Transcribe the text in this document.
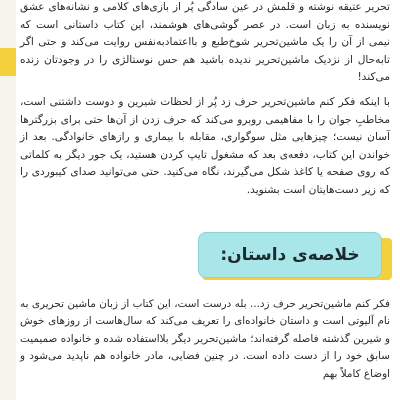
تحریر عتیقه نوشته و قلمش در عین سادگی پُر از بازی‌های کلامی و نشانه‌های عشق نویسنده به زبان است. در عصر گوشی‌های هوشمند، این کتاب داستانی است که نیمی از آن را یک ماشین‌تحریر شوخ‌طبع و بااعتمادبه‌نفس روایت می‌کند و حتی اگر تابه‌حال از نزدیک ماشین‌تحریر ندیده باشید هم حس نوستالژی را در وجودتان زنده می‌کند!

با اینکه فکر کنم ماشین‌تحریر حرف زد پُر از لحظات شیرین و دوست داشتنی است، مخاطبِ جوان را با مفاهیمی روبرو می‌کند که حرف زدن از آن‌ها حتی برای بزرگترها آسان نیست؛ چیزهایی مثل سوگواری، مقابله با بیماری و رازهای خانوادگی. بعد از خواندن این کتاب، دفعه‌ی بعد که مشغول تایپ کردن هستید، یک جور دیگر به کلماتی که روی صفحه یا کاغذ شکل می‌گیرند، نگاه می‌کنید. حتی می‌توانید صدای کیبوردی را که زیر دست‌هایتان است بشنوید.

خلاصه‌ی داستان:

فکر کنم ماشین‌تحریر حرف زد... بله درست است، این کتاب از زبان ماشین تحریری به نام آلیوتی است و داستان خانواده‌ای را تعریف می‌کند که سال‌هاست از روزهای خوش و شیرین گذشته فاصله گرفته‌اند؛ ماشین‌تحریر دیگر بلااستفاده شده و خانواده صمیمیت سابق خود را از دست داده است. در چنین فضایی، مادر خانواده هم ناپدید می‌شود و اوضاع کاملاً بهم
